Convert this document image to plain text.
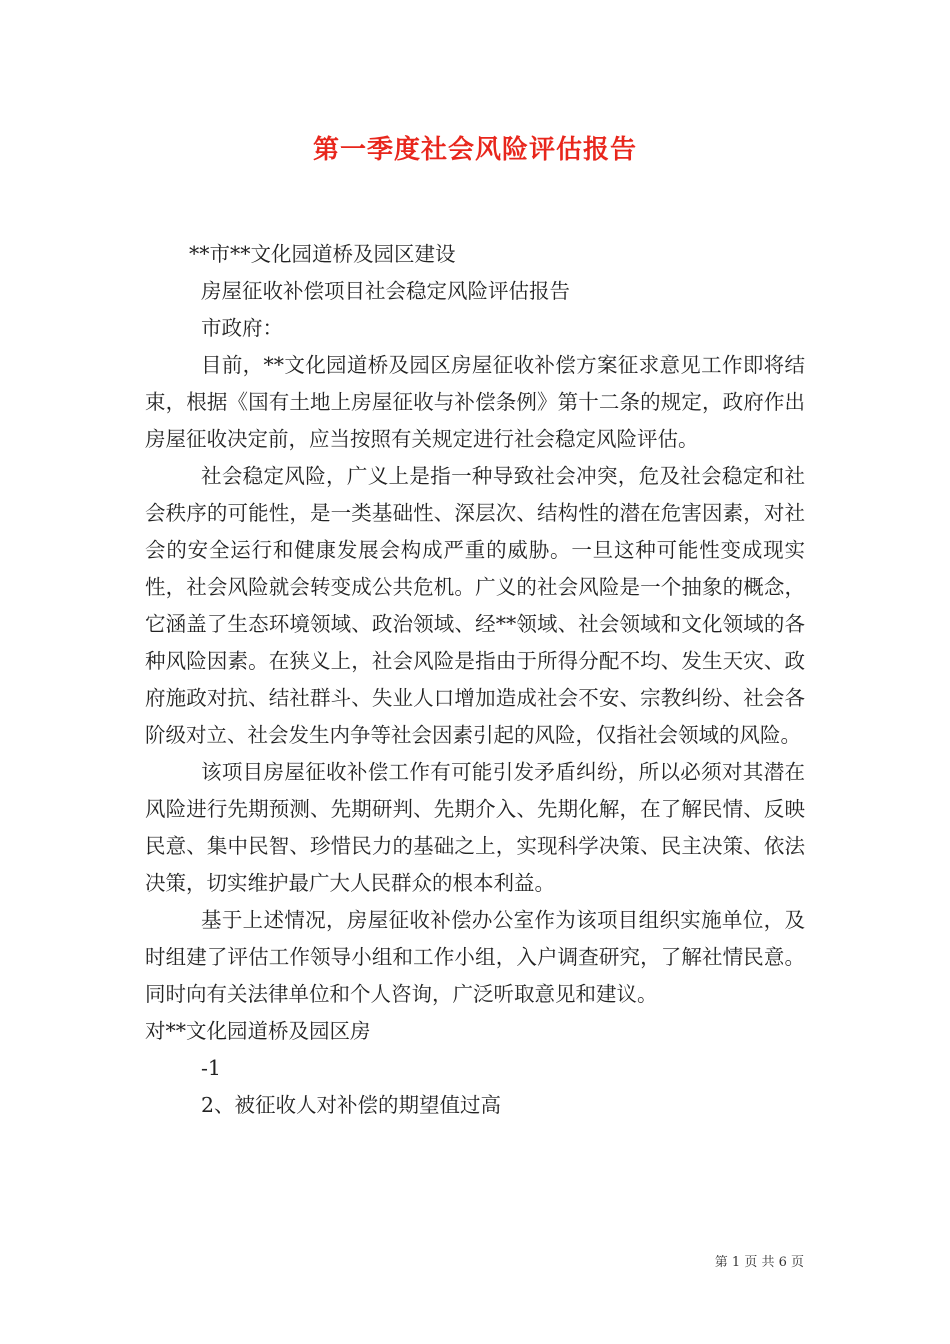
第一季度社会风险评估报告

**市**文化园道桥及园区建设

房屋征收补偿项目社会稳定风险评估报告

市政府：

目前，**文化园道桥及园区房屋征收补偿方案征求意见工作即将结束，根据《国有土地上房屋征收与补偿条例》第十二条的规定，政府作出房屋征收决定前，应当按照有关规定进行社会稳定风险评估。

社会稳定风险，广义上是指一种导致社会冲突，危及社会稳定和社会秩序的可能性，是一类基础性、深层次、结构性的潜在危害因素，对社会的安全运行和健康发展会构成严重的威胁。一旦这种可能性变成现实性，社会风险就会转变成公共危机。广义的社会风险是一个抽象的概念，它涵盖了生态环境领域、政治领域、经**领域、社会领域和文化领域的各种风险因素。在狭义上，社会风险是指由于所得分配不均、发生天灾、政府施政对抗、结社群斗、失业人口增加造成社会不安、宗教纠纷、社会各阶级对立、社会发生内争等社会因素引起的风险，仅指社会领域的风险。

该项目房屋征收补偿工作有可能引发矛盾纠纷，所以必须对其潜在风险进行先期预测、先期研判、先期介入、先期化解，在了解民情、反映民意、集中民智、珍惜民力的基础之上，实现科学决策、民主决策、依法决策，切实维护最广大人民群众的根本利益。

基于上述情况，房屋征收补偿办公室作为该项目组织实施单位，及时组建了评估工作领导小组和工作小组，入户调查研究，了解社情民意。同时向有关法律单位和个人咨询，广泛听取意见和建议。

对**文化园道桥及园区房

-1

2、被征收人对补偿的期望值过高

第 1 页 共 6 页
